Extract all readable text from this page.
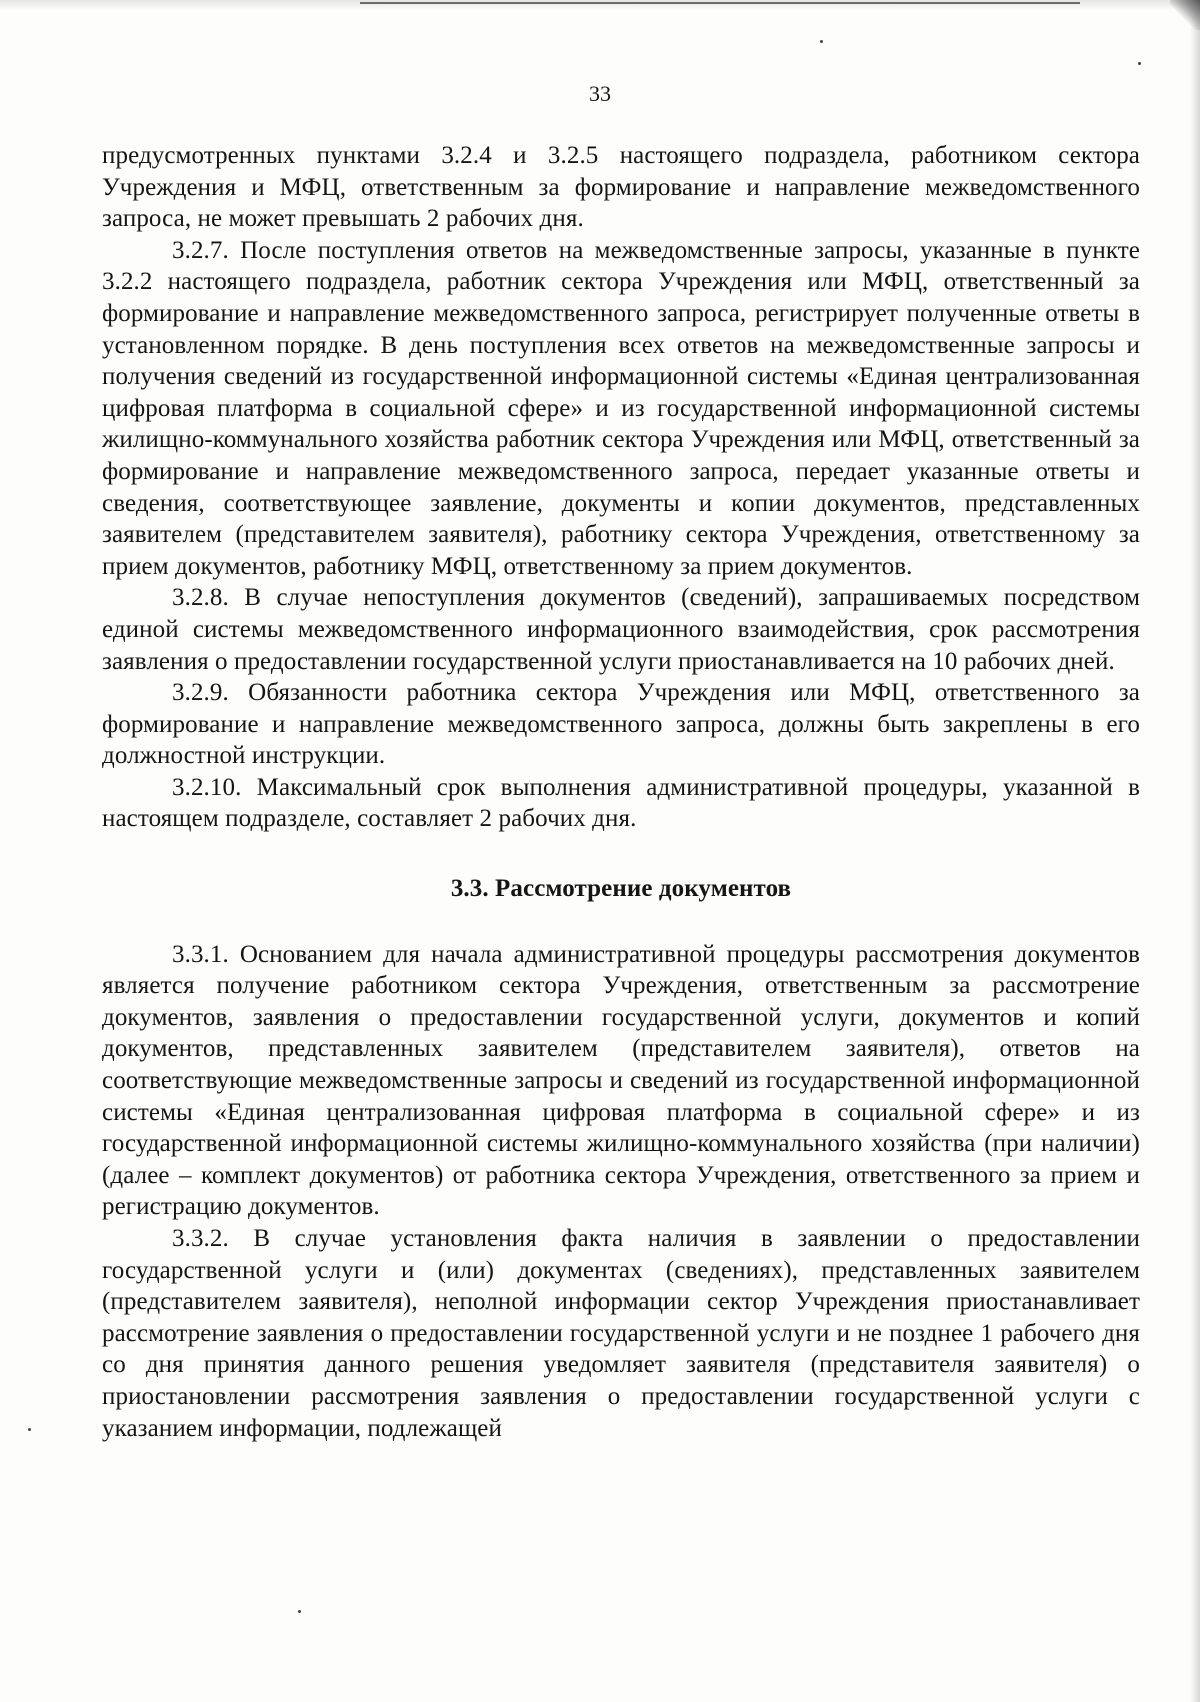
33

предусмотренных пунктами 3.2.4 и 3.2.5 настоящего подраздела, работником сектора Учреждения и МФЦ, ответственным за формирование и направление межведомственного запроса, не может превышать 2 рабочих дня.

3.2.7. После поступления ответов на межведомственные запросы, указанные в пункте 3.2.2 настоящего подраздела, работник сектора Учреждения или МФЦ, ответственный за формирование и направление межведомственного запроса, регистрирует полученные ответы в установленном порядке. В день поступления всех ответов на межведомственные запросы и получения сведений из государственной информационной системы «Единая централизованная цифровая платформа в социальной сфере» и из государственной информационной системы жилищно-коммунального хозяйства работник сектора Учреждения или МФЦ, ответственный за формирование и направление межведомственного запроса, передает указанные ответы и сведения, соответствующее заявление, документы и копии документов, представленных заявителем (представителем заявителя), работнику сектора Учреждения, ответственному за прием документов, работнику МФЦ, ответственному за прием документов.

3.2.8. В случае непоступления документов (сведений), запрашиваемых посредством единой системы межведомственного информационного взаимодействия, срок рассмотрения заявления о предоставлении государственной услуги приостанавливается на 10 рабочих дней.

3.2.9. Обязанности работника сектора Учреждения или МФЦ, ответственного за формирование и направление межведомственного запроса, должны быть закреплены в его должностной инструкции.

3.2.10. Максимальный срок выполнения административной процедуры, указанной в настоящем подразделе, составляет 2 рабочих дня.

3.3. Рассмотрение документов

3.3.1. Основанием для начала административной процедуры рассмотрения документов является получение работником сектора Учреждения, ответственным за рассмотрение документов, заявления о предоставлении государственной услуги, документов и копий документов, представленных заявителем (представителем заявителя), ответов на соответствующие межведомственные запросы и сведений из государственной информационной системы «Единая централизованная цифровая платформа в социальной сфере» и из государственной информационной системы жилищно-коммунального хозяйства (при наличии) (далее – комплект документов) от работника сектора Учреждения, ответственного за прием и регистрацию документов.

3.3.2. В случае установления факта наличия в заявлении о предоставлении государственной услуги и (или) документах (сведениях), представленных заявителем (представителем заявителя), неполной информации сектор Учреждения приостанавливает рассмотрение заявления о предоставлении государственной услуги и не позднее 1 рабочего дня со дня принятия данного решения уведомляет заявителя (представителя заявителя) о приостановлении рассмотрения заявления о предоставлении государственной услуги с указанием информации, подлежащей
